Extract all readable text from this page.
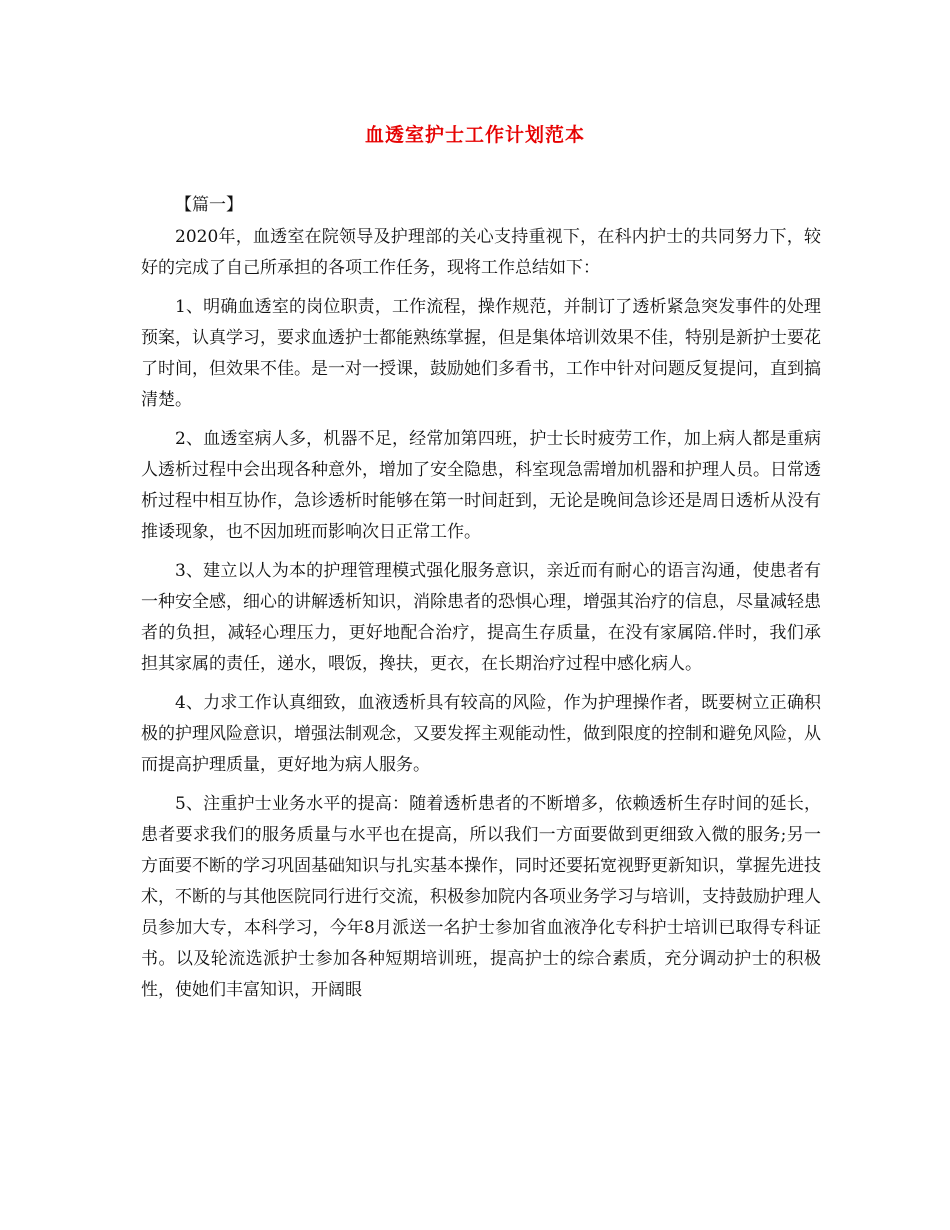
血透室护士工作计划范本
【篇一】

2020年，血透室在院领导及护理部的关心支持重视下，在科内护士的共同努力下，较好的完成了自己所承担的各项工作任务，现将工作总结如下：

1、明确血透室的岗位职责，工作流程，操作规范，并制订了透析紧急突发事件的处理预案，认真学习，要求血透护士都能熟练掌握，但是集体培训效果不佳，特别是新护士要花了时间，但效果不佳。是一对一授课，鼓励她们多看书，工作中针对问题反复提问，直到搞清楚。

2、血透室病人多，机器不足，经常加第四班，护士长时疲劳工作，加上病人都是重病人透析过程中会出现各种意外，增加了安全隐患，科室现急需增加机器和护理人员。日常透析过程中相互协作，急诊透析时能够在第一时间赶到，无论是晚间急诊还是周日透析从没有推诿现象，也不因加班而影响次日正常工作。

3、建立以人为本的护理管理模式强化服务意识，亲近而有耐心的语言沟通，使患者有一种安全感，细心的讲解透析知识，消除患者的恐惧心理，增强其治疗的信息，尽量减轻患者的负担，减轻心理压力，更好地配合治疗，提高生存质量，在没有家属陪.伴时，我们承担其家属的责任，递水，喂饭，搀扶，更衣，在长期治疗过程中感化病人。

4、力求工作认真细致，血液透析具有较高的风险，作为护理操作者，既要树立正确积极的护理风险意识，增强法制观念，又要发挥主观能动性，做到限度的控制和避免风险，从而提高护理质量，更好地为病人服务。

5、注重护士业务水平的提高：随着透析患者的不断增多，依赖透析生存时间的延长，患者要求我们的服务质量与水平也在提高，所以我们一方面要做到更细致入微的服务;另一方面要不断的学习巩固基础知识与扎实基本操作，同时还要拓宽视野更新知识，掌握先进技术，不断的与其他医院同行进行交流，积极参加院内各项业务学习与培训，支持鼓励护理人员参加大专，本科学习，今年8月派送一名护士参加省血液净化专科护士培训已取得专科证书。以及轮流选派护士参加各种短期培训班，提高护士的综合素质，充分调动护士的积极性，使她们丰富知识，开阔眼
